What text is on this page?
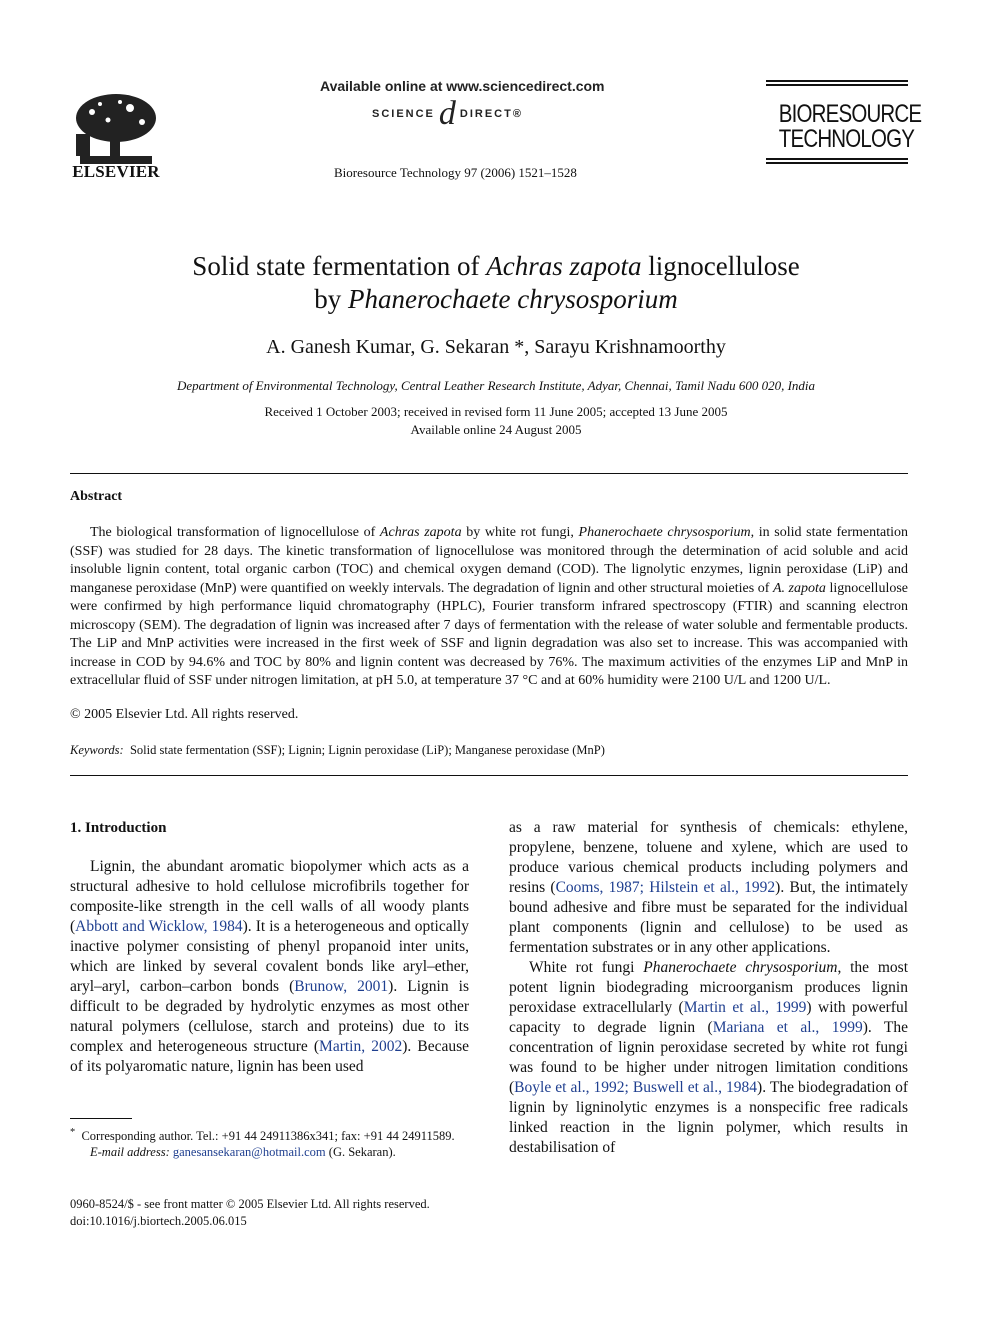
ELSEVIER
Available online at www.sciencedirect.com
SCIENCE d DIRECT®
Bioresource Technology 97 (2006) 1521–1528
BIORESOURCE
TECHNOLOGY
Solid state fermentation of Achras zapota lignocellulose
by Phanerochaete chrysosporium
A. Ganesh Kumar, G. Sekaran *, Sarayu Krishnamoorthy
Department of Environmental Technology, Central Leather Research Institute, Adyar, Chennai, Tamil Nadu 600 020, India
Received 1 October 2003; received in revised form 11 June 2005; accepted 13 June 2005
Available online 24 August 2005
Abstract
The biological transformation of lignocellulose of Achras zapota by white rot fungi, Phanerochaete chrysosporium, in solid state fermentation (SSF) was studied for 28 days. The kinetic transformation of lignocellulose was monitored through the determination of acid soluble and acid insoluble lignin content, total organic carbon (TOC) and chemical oxygen demand (COD). The lignolytic enzymes, lignin peroxidase (LiP) and manganese peroxidase (MnP) were quantified on weekly intervals. The degradation of lignin and other structural moieties of A. zapota lignocellulose were confirmed by high performance liquid chromatography (HPLC), Fourier transform infrared spectroscopy (FTIR) and scanning electron microscopy (SEM). The degradation of lignin was increased after 7 days of fermentation with the release of water soluble and fermentable products. The LiP and MnP activities were increased in the first week of SSF and lignin degradation was also set to increase. This was accompanied with increase in COD by 94.6% and TOC by 80% and lignin content was decreased by 76%. The maximum activities of the enzymes LiP and MnP in extracellular fluid of SSF under nitrogen limitation, at pH 5.0, at temperature 37 °C and at 60% humidity were 2100 U/L and 1200 U/L.
© 2005 Elsevier Ltd. All rights reserved.
Keywords: Solid state fermentation (SSF); Lignin; Lignin peroxidase (LiP); Manganese peroxidase (MnP)
1. Introduction

Lignin, the abundant aromatic biopolymer which acts as a structural adhesive to hold cellulose microfibrils together for composite-like strength in the cell walls of all woody plants (Abbott and Wicklow, 1984). It is a heterogeneous and optically inactive polymer consisting of phenyl propanoid inter units, which are linked by several covalent bonds like aryl–ether, aryl–aryl, carbon–carbon bonds (Brunow, 2001). Lignin is difficult to be degraded by hydrolytic enzymes as most other natural polymers (cellulose, starch and proteins) due to its complex and heterogeneous structure (Martin, 2002). Because of its polyaromatic nature, lignin has been used

as a raw material for synthesis of chemicals: ethylene, propylene, benzene, toluene and xylene, which are used to produce various chemical products including polymers and resins (Cooms, 1987; Hilstein et al., 1992). But, the intimately bound adhesive and fibre must be separated for the individual plant components (lignin and cellulose) to be used as fermentation substrates or in any other applications.

White rot fungi Phanerochaete chrysosporium, the most potent lignin biodegrading microorganism produces lignin peroxidase extracellularly (Martin et al., 1999) with powerful capacity to degrade lignin (Mariana et al., 1999). The concentration of lignin peroxidase secreted by white rot fungi was found to be higher under nitrogen limitation conditions (Boyle et al., 1992; Buswell et al., 1984). The biodegradation of lignin by ligninolytic enzymes is a nonspecific free radicals linked reaction in the lignin polymer, which results in destabilisation of

* Corresponding author. Tel.: +91 44 24911386x341; fax: +91 44 24911589.
E-mail address: ganesansekaran@hotmail.com (G. Sekaran).
0960-8524/$ - see front matter © 2005 Elsevier Ltd. All rights reserved.
doi:10.1016/j.biortech.2005.06.015
